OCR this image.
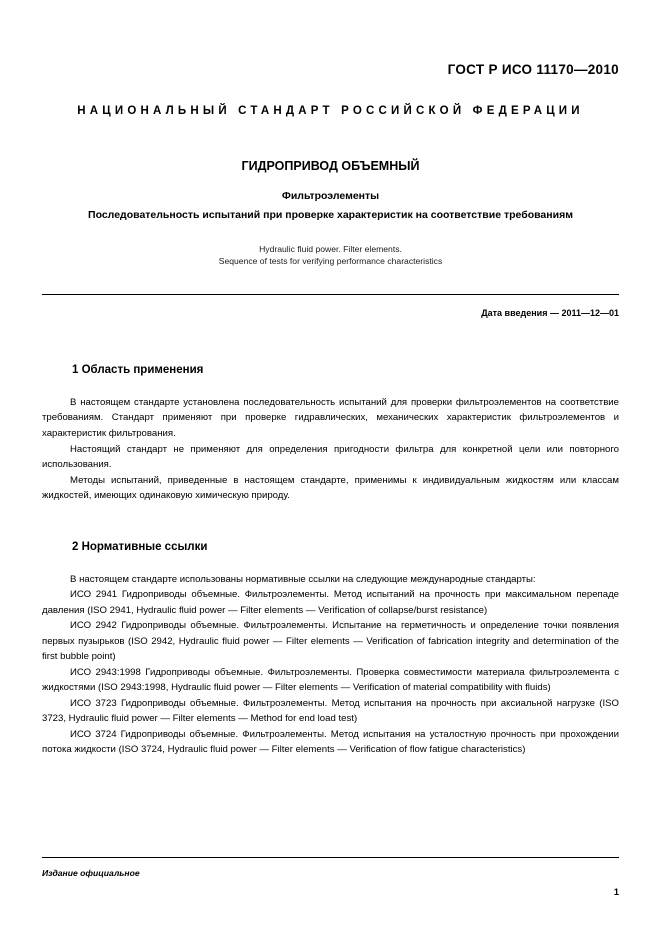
ГОСТ Р ИСО 11170—2010
НАЦИОНАЛЬНЫЙ СТАНДАРТ РОССИЙСКОЙ ФЕДЕРАЦИИ
ГИДРОПРИВОД ОБЪЕМНЫЙ
Фильтроэлементы
Последовательность испытаний при проверке характеристик на соответствие требованиям
Hydraulic fluid power. Filter elements.
Sequence of tests for verifying performance characteristics
Дата введения — 2011—12—01
1 Область применения

В настоящем стандарте установлена последовательность испытаний для проверки фильтроэлементов на соответствие требованиям. Стандарт применяют при проверке гидравлических, механических характеристик фильтроэлементов и характеристик фильтрования.

Настоящий стандарт не применяют для определения пригодности фильтра для конкретной цели или повторного использования.

Методы испытаний, приведенные в настоящем стандарте, применимы к индивидуальным жидкостям или классам жидкостей, имеющих одинаковую химическую природу.

2 Нормативные ссылки

В настоящем стандарте использованы нормативные ссылки на следующие международные стандарты:

ИСО 2941 Гидроприводы объемные. Фильтроэлементы. Метод испытаний на прочность при максимальном перепаде давления (ISO 2941, Hydraulic fluid power — Filter elements — Verification of collapse/burst resistance)

ИСО 2942 Гидроприводы объемные. Фильтроэлементы. Испытание на герметичность и определение точки появления первых пузырьков (ISO 2942, Hydraulic fluid power — Filter elements — Verification of fabrication integrity and determination of the first bubble point)

ИСО 2943:1998 Гидроприводы объемные. Фильтроэлементы. Проверка совместимости материала фильтроэлемента с жидкостями (ISO 2943:1998, Hydraulic fluid power — Filter elements — Verification of material compatibility with fluids)

ИСО 3723 Гидроприводы объемные. Фильтроэлементы. Метод испытания на прочность при аксиальной нагрузке (ISO 3723, Hydraulic fluid power — Filter elements — Method for end load test)

ИСО 3724 Гидроприводы объемные. Фильтроэлементы. Метод испытания на усталостную прочность при прохождении потока жидкости (ISO 3724, Hydraulic fluid power — Filter elements — Verification of flow fatigue characteristics)

Издание официальное
1
